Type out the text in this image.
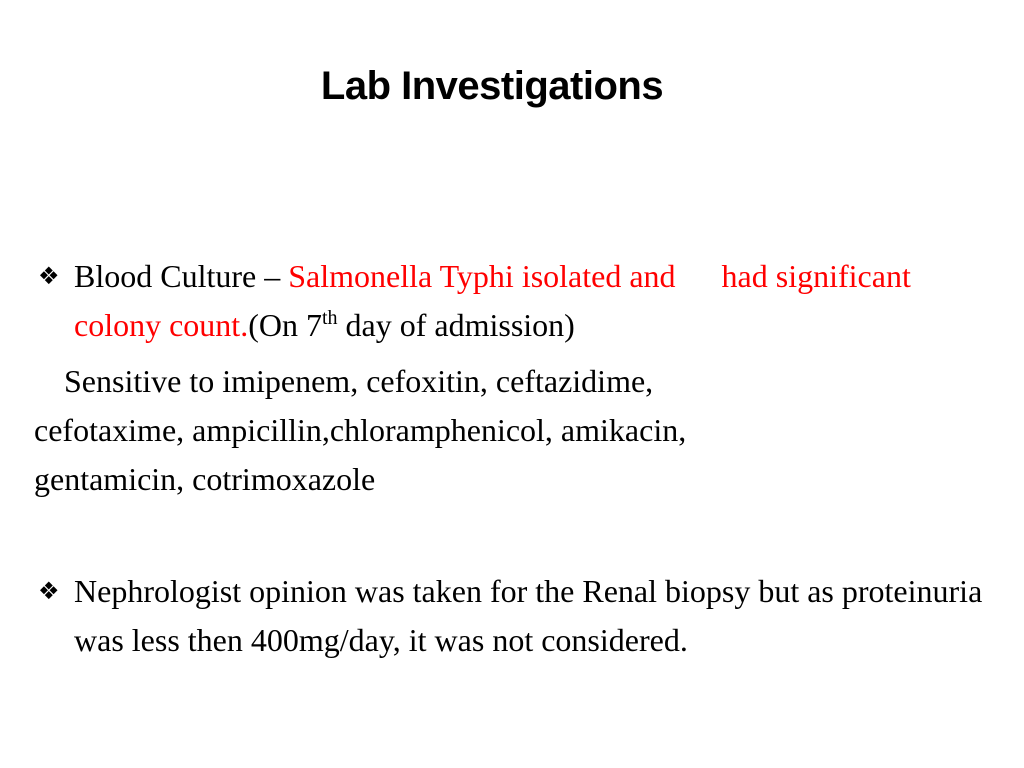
Lab Investigations
❖ Blood Culture – Salmonella Typhi isolated and had significant colony count.(On 7th day of admission)
Sensitive to imipenem, cefoxitin, ceftazidime,
cefotaxime, ampicillin,chloramphenicol, amikacin,
gentamicin, cotrimoxazole
❖ Nephrologist opinion was taken for the Renal biopsy but as proteinuria was less then 400mg/day, it was not considered.
